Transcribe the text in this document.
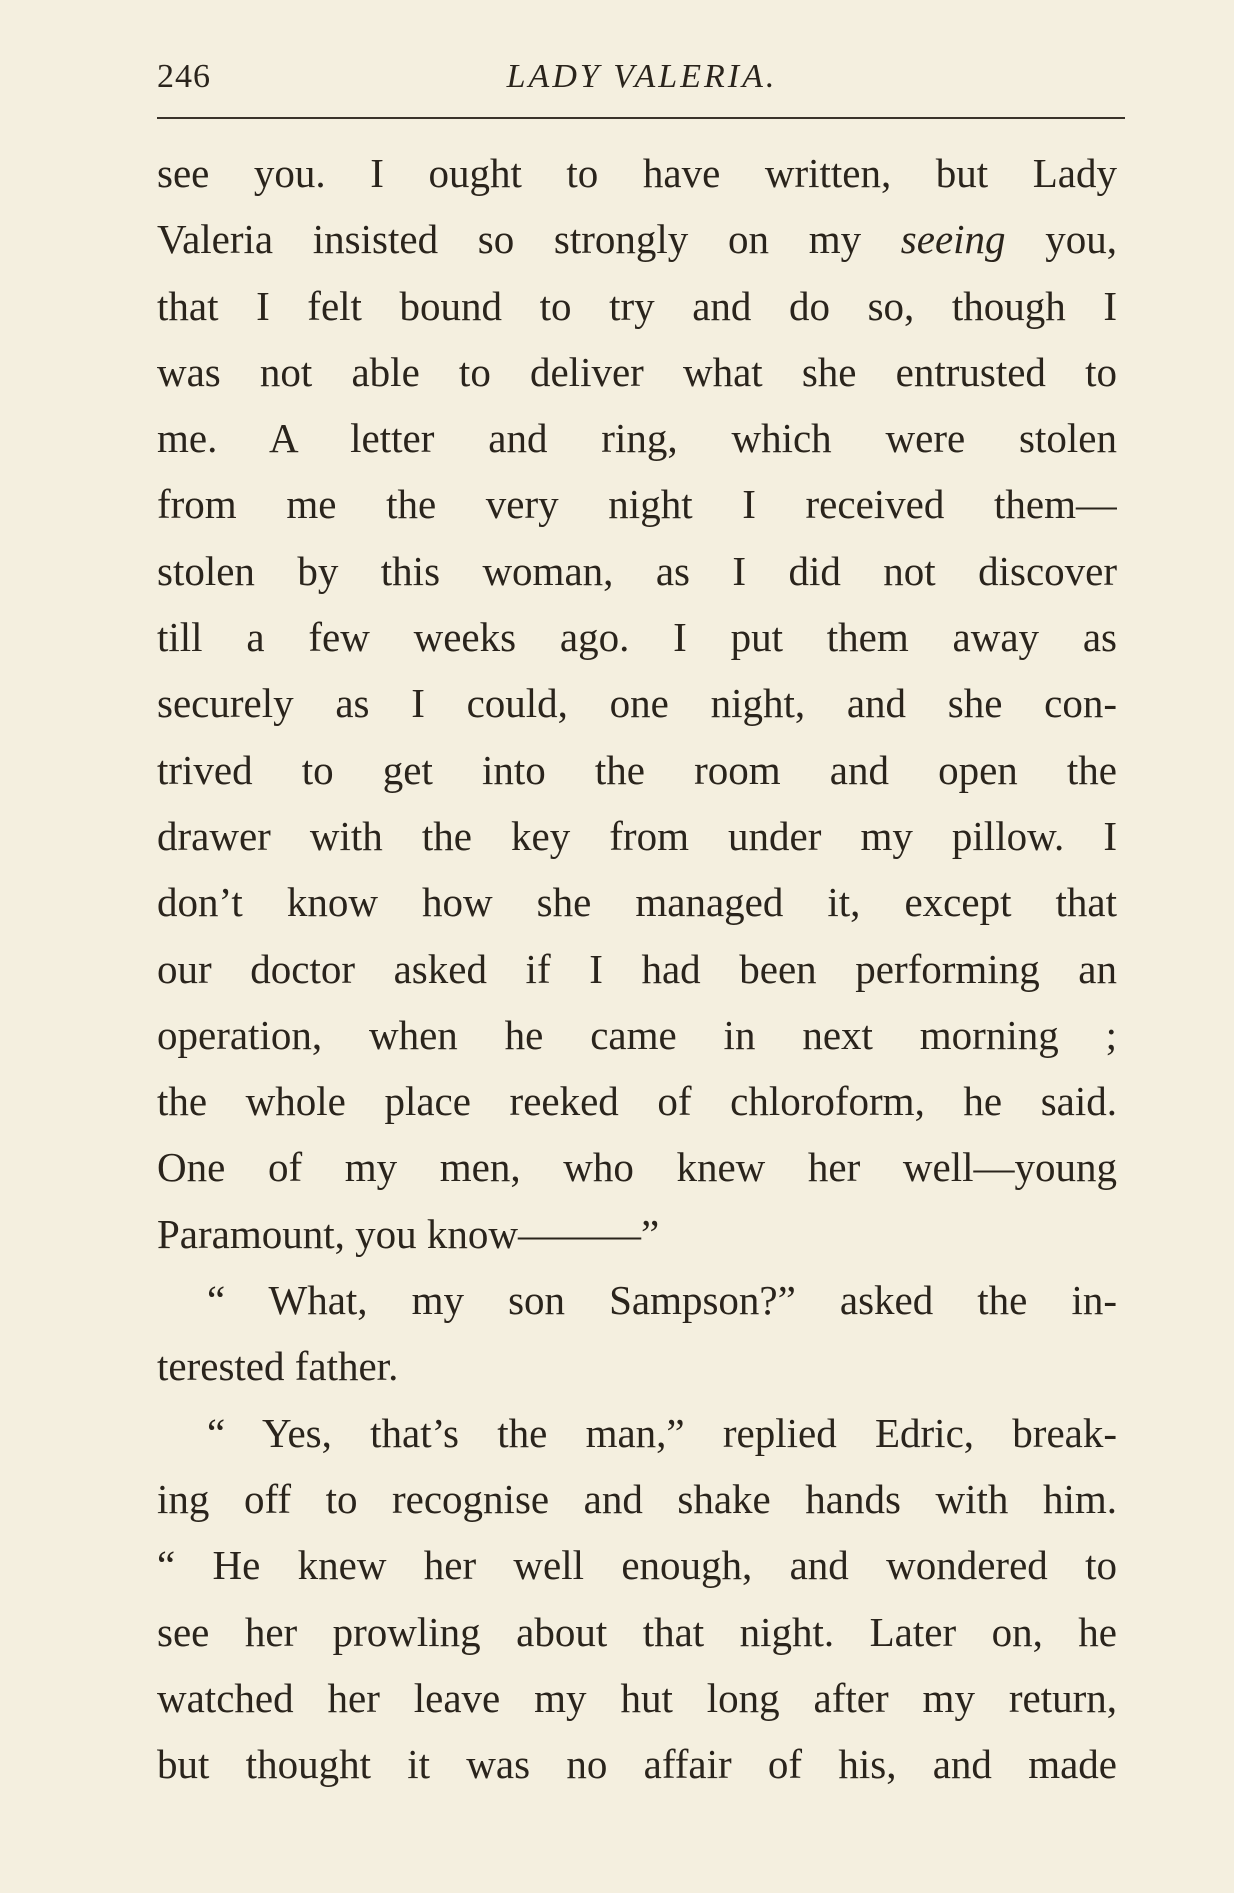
246	LADY VALERIA.
see you. I ought to have written, but Lady
Valeria insisted so strongly on my seeing you,
that I felt bound to try and do so, though I
was not able to deliver what she entrusted to
me. A letter and ring, which were stolen
from me the very night I received them—
stolen by this woman, as I did not discover
till a few weeks ago. I put them away as
securely as I could, one night, and she con-
trived to get into the room and open the
drawer with the key from under my pillow. I
don’t know how she managed it, except that
our doctor asked if I had been performing an
operation, when he came in next morning ;
the whole place reeked of chloroform, he said.
One of my men, who knew her well—young
Paramount, you know———”
“ What, my son Sampson?” asked the in-
terested father.
“ Yes, that’s the man,” replied Edric, break-
ing off to recognise and shake hands with him.
“ He knew her well enough, and wondered to
see her prowling about that night. Later on, he
watched her leave my hut long after my return,
but thought it was no affair of his, and made
